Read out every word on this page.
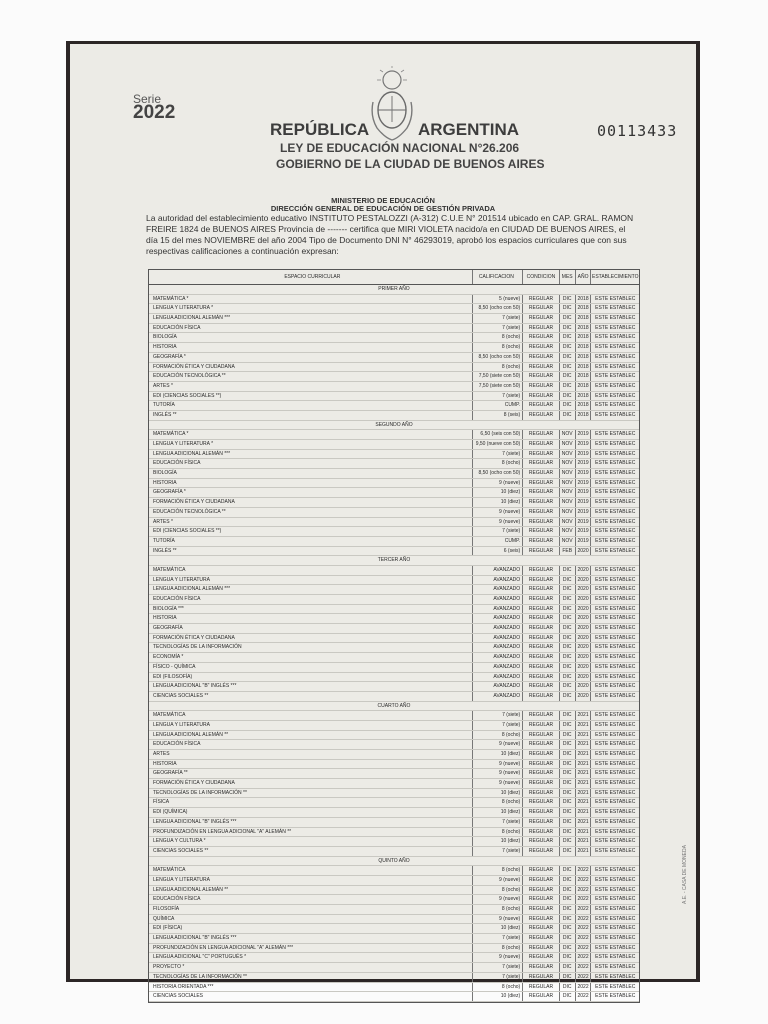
Serie
2022
REPÚBLICA	ARGENTINA
LEY DE EDUCACIÓN NACIONAL N°26.206
GOBIERNO DE LA CIUDAD DE BUENOS AIRES
00113433
MINISTERIO DE EDUCACIÓN
DIRECCIÓN GENERAL DE EDUCACIÓN DE GESTIÓN PRIVADA
La autoridad del establecimiento educativo INSTITUTO PESTALOZZI (A-312) C.U.E N° 201514 ubicado en CAP. GRAL. RAMON FREIRE 1824 de BUENOS AIRES Provincia de ------- certifica que MIRI VIOLETA nacido/a en CIUDAD DE BUENOS AIRES, el día 15 del mes NOVIEMBRE del año 2004 Tipo de Documento DNI N° 46293019, aprobó los espacios curriculares que con sus respectivas calificaciones a continuación expresan:
ESPACIO CURRICULAR	CALIFICACION	CONDICION	MES	AÑO ESTABLECIMIENTO
PRIMER AÑO
MATEMÁTICA *	5 (nueve)	REGULAR	DIC	2018	ESTE ESTABLEC
LENGUA Y LITERATURA *	8,50 (ocho con 50)	REGULAR	DIC	2018	ESTE ESTABLEC
LENGUA ADICIONAL ALEMÁN ***	7 (siete)	REGULAR	DIC	2018	ESTE ESTABLEC
EDUCACIÓN FÍSICA	7 (siete)	REGULAR	DIC	2018	ESTE ESTABLEC
BIOLOGÍA	8 (ocho)	REGULAR	DIC	2018	ESTE ESTABLEC
HISTORIA	8 (ocho)	REGULAR	DIC	2018	ESTE ESTABLEC
GEOGRAFÍA *	8,50 (ocho con 50)	REGULAR	DIC	2018	ESTE ESTABLEC
FORMACIÓN ÉTICA Y CIUDADANA	8 (ocho)	REGULAR	DIC	2018	ESTE ESTABLEC
EDUCACIÓN TECNOLÓGICA **	7,50 (siete con 50)	REGULAR	DIC	2018	ESTE ESTABLEC
ARTES *	7,50 (siete con 50)	REGULAR	DIC	2018	ESTE ESTABLEC
EDI (CIENCIAS SOCIALES **)	7 (siete)	REGULAR	DIC	2018	ESTE ESTABLEC
TUTORÍA	CUMP.	REGULAR	DIC	2018	ESTE ESTABLEC
INGLÉS **	8 (seis)	REGULAR	DIC	2018	ESTE ESTABLEC
SEGUNDO AÑO
MATEMÁTICA *	6,50 (seis con 50)	REGULAR	NOV 2019	ESTE ESTABLEC
LENGUA Y LITERATURA *	9,50 (nueve con 50)	REGULAR	NOV 2019	ESTE ESTABLEC
LENGUA ADICIONAL ALEMÁN ***	7 (siete)	REGULAR	NOV 2019	ESTE ESTABLEC
EDUCACIÓN FÍSICA	8 (ocho)	REGULAR	NOV 2019	ESTE ESTABLEC
BIOLOGÍA	8,50 (ocho con 50)	REGULAR	NOV 2019	ESTE ESTABLEC
HISTORIA	9 (nueve)	REGULAR	NOV 2019	ESTE ESTABLEC
GEOGRAFÍA *	10 (diez)	REGULAR	NOV 2019	ESTE ESTABLEC
FORMACIÓN ÉTICA Y CIUDADANA	10 (diez)	REGULAR	NOV 2019	ESTE ESTABLEC
EDUCACIÓN TECNOLÓGICA **	9 (nueve)	REGULAR	NOV 2019	ESTE ESTABLEC
ARTES *	9 (nueve)	REGULAR	NOV 2019	ESTE ESTABLEC
EDI (CIENCIAS SOCIALES **)	7 (siete)	REGULAR	NOV 2019	ESTE ESTABLEC
TUTORÍA	CUMP.	REGULAR	NOV 2019	ESTE ESTABLEC
INGLÉS **	6 (seis)	REGULAR	FEB	2020	ESTE ESTABLEC
TERCER AÑO
MATEMÁTICA	AVANZADO	REGULAR	DIC	2020	ESTE ESTABLEC
LENGUA Y LITERATURA	AVANZADO	REGULAR	DIC	2020	ESTE ESTABLEC
LENGUA ADICIONAL ALEMÁN ***	AVANZADO	REGULAR	DIC	2020	ESTE ESTABLEC
EDUCACIÓN FÍSICA	AVANZADO	REGULAR	DIC	2020	ESTE ESTABLEC
BIOLOGÍA ***	AVANZADO	REGULAR	DIC	2020	ESTE ESTABLEC
HISTORIA	AVANZADO	REGULAR	DIC	2020	ESTE ESTABLEC
GEOGRAFÍA	AVANZADO	REGULAR	DIC	2020	ESTE ESTABLEC
FORMACIÓN ÉTICA Y CIUDADANA	AVANZADO	REGULAR	DIC	2020	ESTE ESTABLEC
TECNOLOGÍAS DE LA INFORMACIÓN	AVANZADO	REGULAR	DIC	2020	ESTE ESTABLEC
ECONOMÍA *	AVANZADO	REGULAR	DIC	2020	ESTE ESTABLEC
FÍSICO - QUÍMICA	AVANZADO	REGULAR	DIC	2020	ESTE ESTABLEC
EDI (FILOSOFÍA)	AVANZADO	REGULAR	DIC	2020	ESTE ESTABLEC
LENGUA ADICIONAL "B" INGLÉS ***	AVANZADO	REGULAR	DIC	2020	ESTE ESTABLEC
CIENCIAS SOCIALES **	AVANZADO	REGULAR	DIC	2020	ESTE ESTABLEC
CUARTO AÑO
MATEMÁTICA	7 (siete)	REGULAR	DIC	2021	ESTE ESTABLEC
LENGUA Y LITERATURA	7 (siete)	REGULAR	DIC	2021	ESTE ESTABLEC
LENGUA ADICIONAL ALEMÁN **	8 (ocho)	REGULAR	DIC	2021	ESTE ESTABLEC
EDUCACIÓN FÍSICA	9 (nueve)	REGULAR	DIC	2021	ESTE ESTABLEC
ARTES	10 (diez)	REGULAR	DIC	2021	ESTE ESTABLEC
HISTORIA	9 (nueve)	REGULAR	DIC	2021	ESTE ESTABLEC
GEOGRAFÍA **	9 (nueve)	REGULAR	DIC	2021	ESTE ESTABLEC
FORMACIÓN ÉTICA Y CIUDADANA	9 (nueve)	REGULAR	DIC	2021	ESTE ESTABLEC
TECNOLOGÍAS DE LA INFORMACIÓN **	10 (diez)	REGULAR	DIC	2021	ESTE ESTABLEC
FÍSICA	8 (ocho)	REGULAR	DIC	2021	ESTE ESTABLEC
EDI (QUÍMICA)	10 (diez)	REGULAR	DIC	2021	ESTE ESTABLEC
LENGUA ADICIONAL "B" INGLÉS ***	7 (siete)	REGULAR	DIC	2021	ESTE ESTABLEC
PROFUNDIZACIÓN EN LENGUA ADICIONAL "A" ALEMÁN **	8 (ocho)	REGULAR	DIC	2021	ESTE ESTABLEC
LENGUA Y CULTURA *	10 (diez)	REGULAR	DIC	2021	ESTE ESTABLEC
CIENCIAS SOCIALES **	7 (siete)	REGULAR	DIC	2021	ESTE ESTABLEC
QUINTO AÑO
MATEMÁTICA	8 (ocho)	REGULAR	DIC	2022	ESTE ESTABLEC
LENGUA Y LITERATURA	9 (nueve)	REGULAR	DIC	2022	ESTE ESTABLEC
LENGUA ADICIONAL ALEMÁN **	8 (ocho)	REGULAR	DIC	2022	ESTE ESTABLEC
EDUCACIÓN FÍSICA	9 (nueve)	REGULAR	DIC	2022	ESTE ESTABLEC
FILOSOFÍA	8 (ocho)	REGULAR	DIC	2022	ESTE ESTABLEC
QUÍMICA	9 (nueve)	REGULAR	DIC	2022	ESTE ESTABLEC
EDI (FÍSICA)	10 (diez)	REGULAR	DIC	2022	ESTE ESTABLEC
LENGUA ADICIONAL "B" INGLÉS ***	7 (siete)	REGULAR	DIC	2022	ESTE ESTABLEC
PROFUNDIZACIÓN EN LENGUA ADICIONAL "A" ALEMÁN ***	8 (ocho)	REGULAR	DIC	2022	ESTE ESTABLEC
LENGUA ADICIONAL "C" PORTUGUÉS *	9 (nueve)	REGULAR	DIC	2022	ESTE ESTABLEC
PROYECTO *	7 (siete)	REGULAR	DIC	2022	ESTE ESTABLEC
TECNOLOGÍAS DE LA INFORMACIÓN **	7 (siete)	REGULAR	DIC	2022	ESTE ESTABLEC
HISTORIA ORIENTADA ***	8 (ocho)	REGULAR	DIC	2022	ESTE ESTABLEC
CIENCIAS SOCIALES	10 (diez)	REGULAR	DIC	2022	ESTE ESTABLEC
A.E. - CASA DE MONEDA
